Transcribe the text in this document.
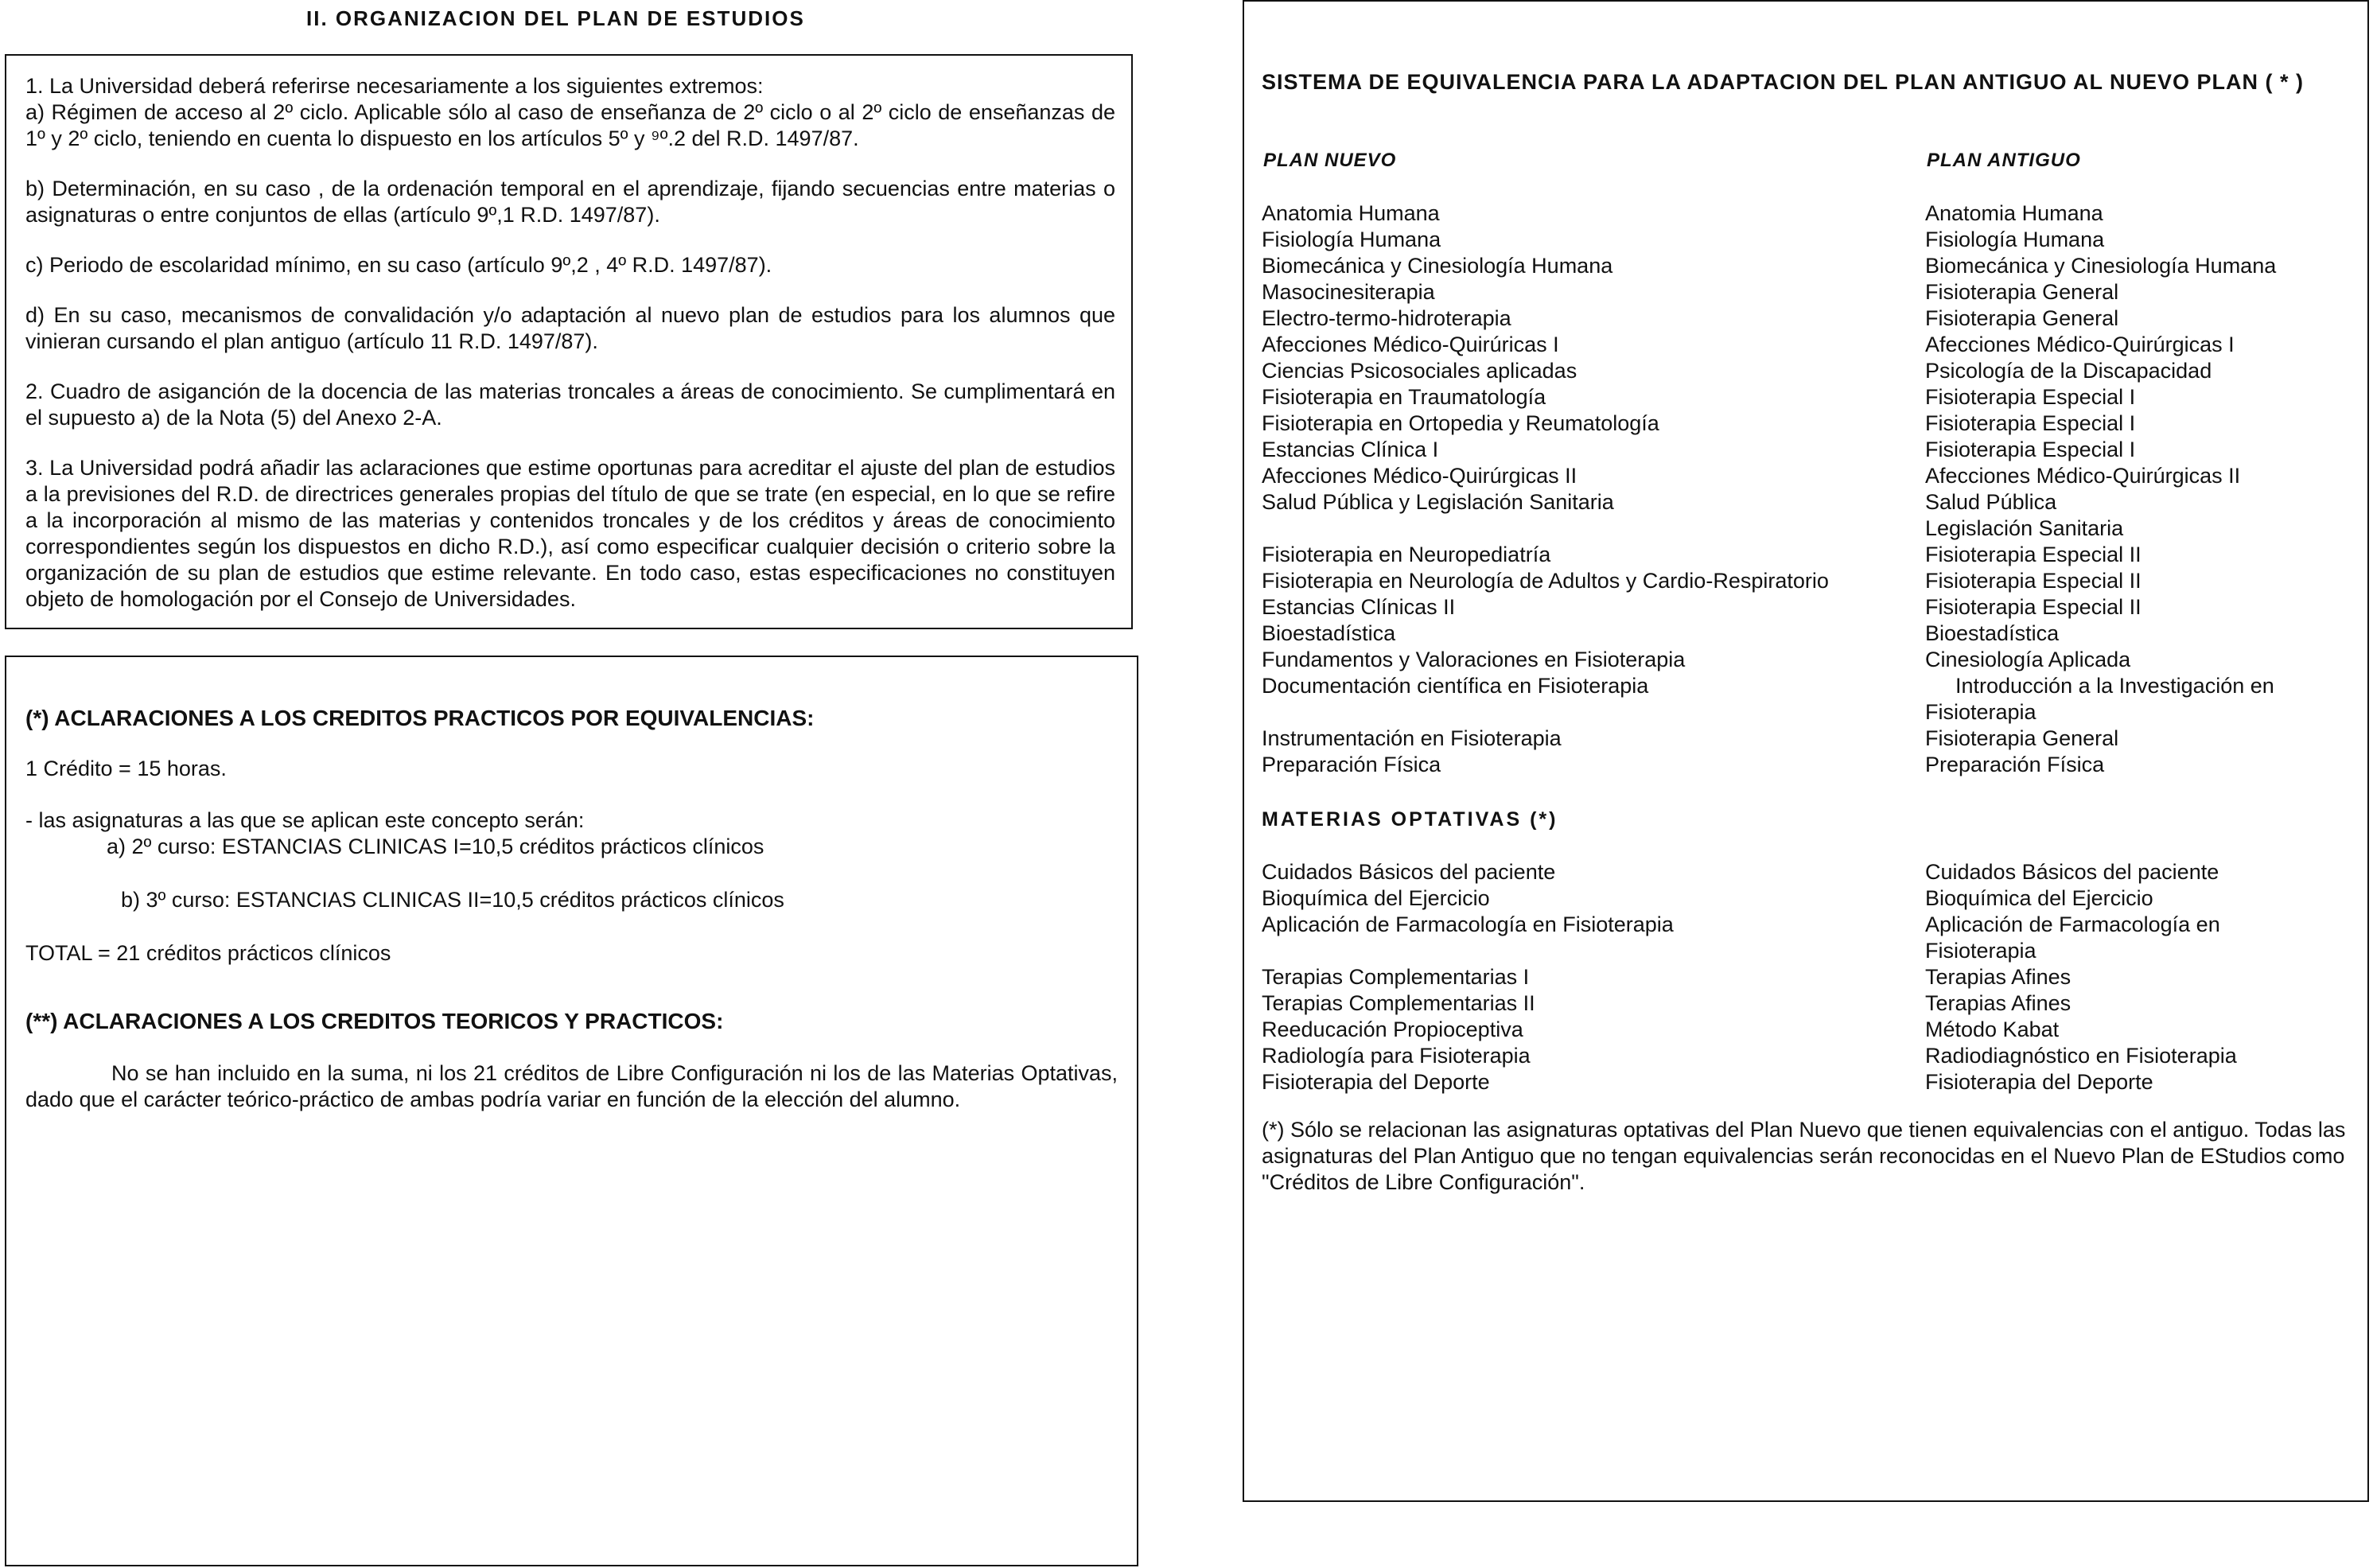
II. ORGANIZACION DEL PLAN DE ESTUDIOS

1. La Universidad deberá referirse necesariamente a los siguientes extremos:

a) Régimen de acceso al 2º ciclo. Aplicable sólo al caso de enseñanza de 2º ciclo o al 2º ciclo de enseñanzas de 1º y 2º ciclo, teniendo en cuenta lo dispuesto en los artículos 5º y ⁹º.2 del R.D. 1497/87.

b) Determinación, en su caso , de la ordenación temporal en el aprendizaje, fijando secuencias entre materias o asignaturas o entre conjuntos de ellas (artículo 9º,1 R.D. 1497/87).

c) Periodo de escolaridad mínimo, en su caso (artículo 9º,2 , 4º R.D. 1497/87).

d) En su caso, mecanismos de convalidación y/o adaptación al nuevo plan de estudios para los alumnos que vinieran cursando el plan antiguo (artículo 11 R.D. 1497/87).

2. Cuadro de asiganción de la docencia de las materias troncales a áreas de conocimiento. Se cumplimentará en el supuesto a) de la Nota (5) del Anexo 2-A.

3. La Universidad podrá añadir las aclaraciones que estime oportunas para acreditar el ajuste del plan de estudios a la previsiones del R.D. de directrices generales propias del título de que se trate (en especial, en lo que se refire a la incorporación al mismo de las materias y contenidos troncales y de los créditos y áreas de conocimiento correspondientes según los dispuestos en dicho R.D.), así como especificar cualquier decisión o criterio sobre la organización de su plan de estudios que estime relevante. En todo caso, estas especificaciones no constituyen objeto de homologación por el Consejo de Universidades.

(*) ACLARACIONES A LOS CREDITOS PRACTICOS POR EQUIVALENCIAS:

1 Crédito = 15 horas.

- las asignaturas a las que se aplican este concepto serán:

a) 2º curso: ESTANCIAS CLINICAS I=10,5 créditos prácticos clínicos

b) 3º curso: ESTANCIAS CLINICAS II=10,5 créditos prácticos clínicos

TOTAL = 21 créditos prácticos clínicos

(**) ACLARACIONES A LOS CREDITOS TEORICOS Y PRACTICOS:

No se han incluido en la suma, ni los 21 créditos de Libre Configuración ni los de las Materias Optativas, dado que el carácter teórico-práctico de ambas podría variar en función de la elección del alumno.

SISTEMA DE EQUIVALENCIA PARA LA ADAPTACION DEL PLAN ANTIGUO AL NUEVO PLAN ( * )
PLAN NUEVO	PLAN ANTIGUO
Anatomia Humana
Fisiología Humana
Biomecánica y Cinesiología Humana
Masocinesiterapia
Electro-termo-hidroterapia
Afecciones Médico-Quirúricas I
Ciencias Psicosociales aplicadas
Fisioterapia en Traumatología
Fisioterapia en Ortopedia y Reumatología
Estancias Clínica I
Afecciones Médico-Quirúrgicas II
Salud Pública y Legislación Sanitaria

Fisioterapia en Neuropediatría
Fisioterapia en Neurología de Adultos y Cardio-Respiratorio
Estancias Clínicas II
Bioestadística
Fundamentos y Valoraciones en Fisioterapia
Documentación científica en Fisioterapia

Instrumentación en Fisioterapia
Preparación Física
Anatomia Humana
Fisiología Humana
Biomecánica y Cinesiología Humana
Fisioterapia General
Fisioterapia General
Afecciones Médico-Quirúrgicas I
Psicología de la Discapacidad
Fisioterapia Especial I
Fisioterapia Especial I
Fisioterapia Especial I
Afecciones Médico-Quirúrgicas II
Salud Pública
Legislación Sanitaria
Fisioterapia Especial II
Fisioterapia Especial II
Fisioterapia Especial II
Bioestadística
Cinesiología Aplicada
Introducción a la Investigación en Fisioterapia
Fisioterapia General
Preparación Física
MATERIAS OPTATIVAS (*)
Cuidados Básicos del paciente
Bioquímica del Ejercicio
Aplicación de Farmacología en Fisioterapia

Terapias Complementarias I
Terapias Complementarias II
Reeducación Propioceptiva
Radiología para Fisioterapia
Fisioterapia del Deporte
Cuidados Básicos del paciente
Bioquímica del Ejercicio
Aplicación de Farmacología en Fisioterapia
Terapias Afines
Terapias Afines
Método Kabat
Radiodiagnóstico en Fisioterapia
Fisioterapia del Deporte

(*) Sólo se relacionan las asignaturas optativas del Plan Nuevo que tienen equivalencias con el antiguo. Todas las asignaturas del Plan Antiguo que no tengan equivalencias serán reconocidas en el Nuevo Plan de EStudios como "Créditos de Libre Configuración".
